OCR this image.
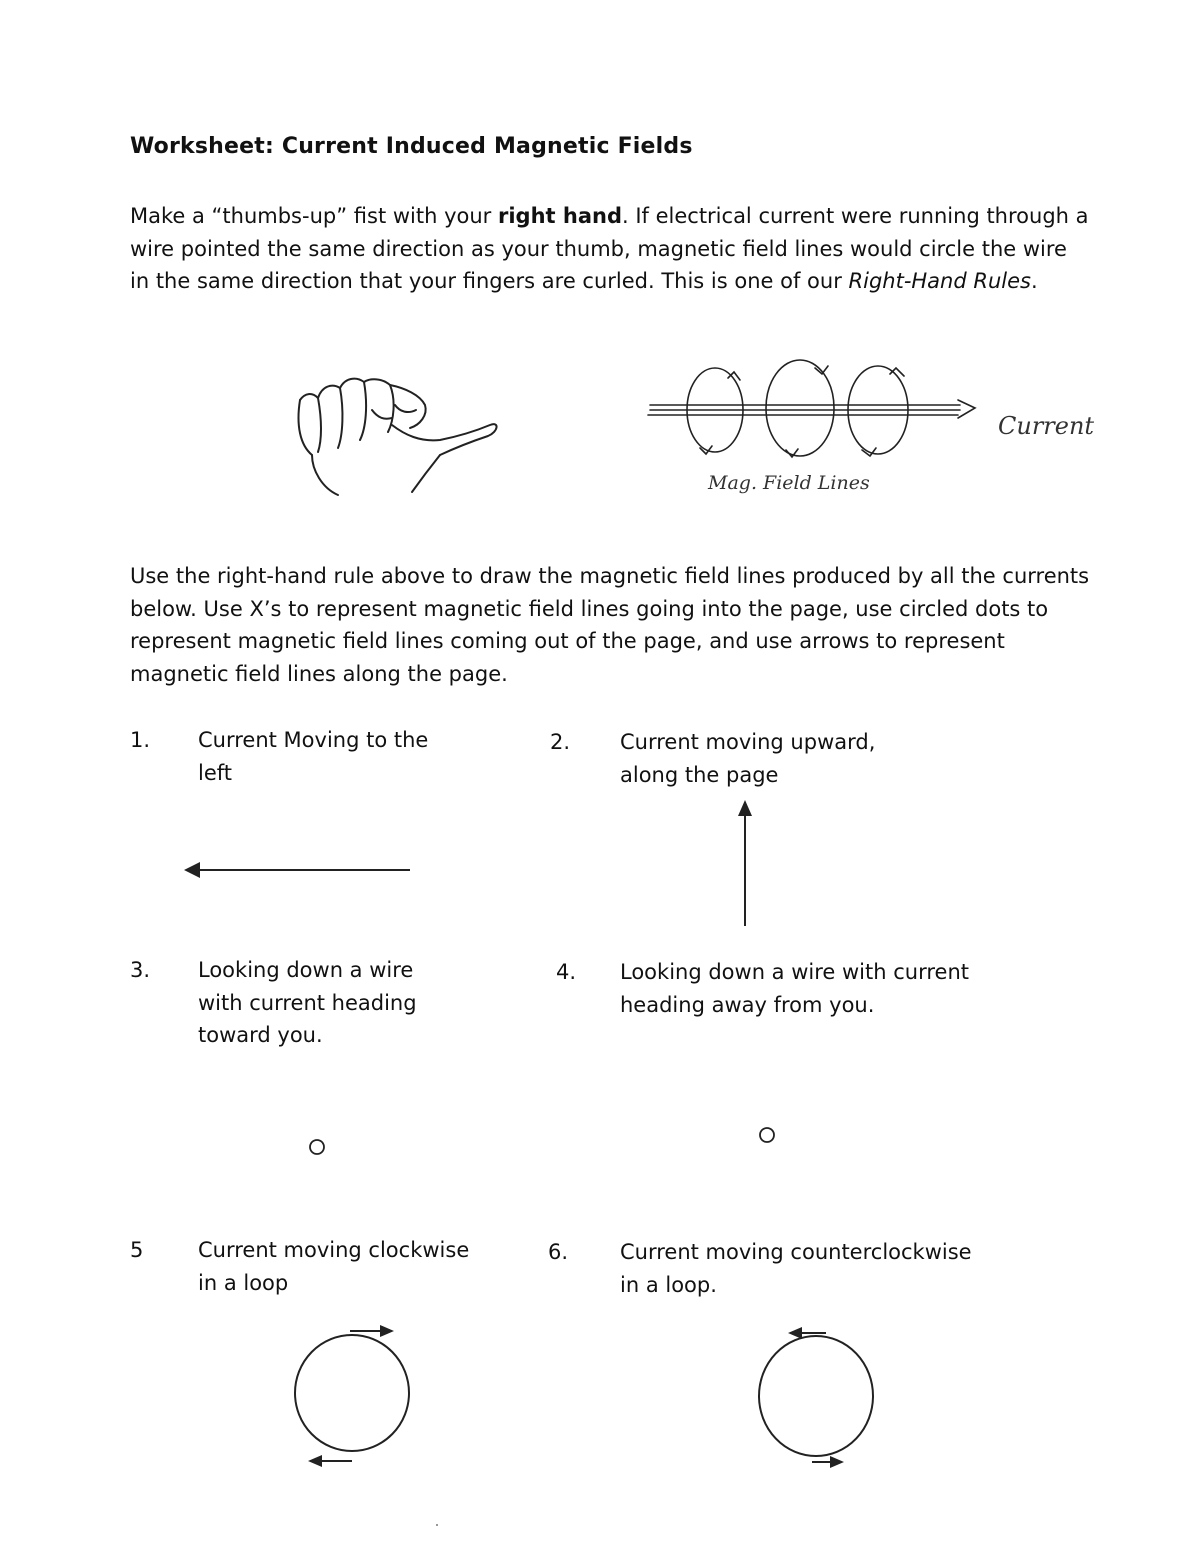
Worksheet: Current Induced Magnetic Fields
Make a “thumbs-up” fist with your right hand. If electrical current were running through a wire pointed the same direction as your thumb, magnetic field lines would circle the wire in the same direction that your fingers are curled. This is one of our Right-Hand Rules.
Current
Mag. Field Lines
Use the right-hand rule above to draw the magnetic field lines produced by all the currents below. Use X’s to represent magnetic field lines going into the page, use circled dots to represent magnetic field lines coming out of the page, and use arrows to represent magnetic field lines along the page.
1. Current Moving to the left
2. Current moving upward, along the page
3. Looking down a wire with current heading toward you.
4. Looking down a wire with current heading away from you.
5	Current moving clockwise in a loop
6. Current moving counterclockwise in a loop.
